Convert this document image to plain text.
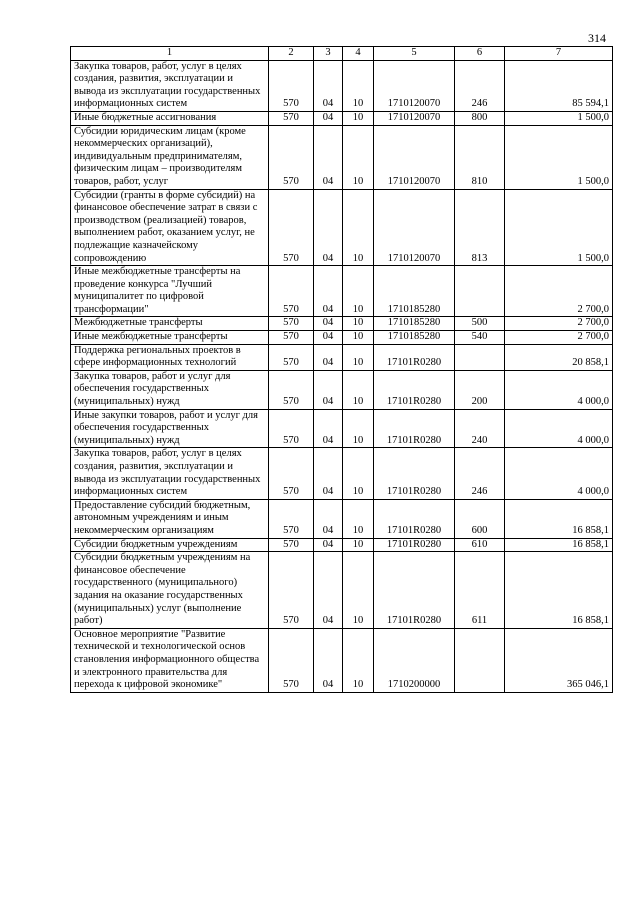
314
1	2	3	4	5	6	7
Закупка товаров, работ, услуг в целях создания, развития, эксплуатации и вывода из эксплуатации государственных информационных систем	570	04	10	1710120070	246	85 594,1
Иные бюджетные ассигнования	570	04	10	1710120070	800	1 500,0
Субсидии юридическим лицам (кроме некоммерческих организаций), индивидуальным предпринимателям, физическим лицам – производителям товаров, работ, услуг	570	04	10	1710120070	810	1 500,0
Субсидии (гранты в форме субсидий) на финансовое обеспечение затрат в связи с производством (реализацией) товаров, выполнением работ, оказанием услуг, не подлежащие казначейскому сопровождению	570	04	10	1710120070	813	1 500,0
Иные межбюджетные трансферты на проведение конкурса "Лучший муниципалитет по цифровой трансформации"	570	04	10	1710185280		2 700,0
Межбюджетные трансферты	570	04	10	1710185280	500	2 700,0
Иные межбюджетные трансферты	570	04	10	1710185280	540	2 700,0
Поддержка региональных проектов в сфере информационных технологий	570	04	10	17101R0280		20 858,1
Закупка товаров, работ и услуг для обеспечения государственных (муниципальных) нужд	570	04	10	17101R0280	200	4 000,0
Иные закупки товаров, работ и услуг для обеспечения государственных (муниципальных) нужд	570	04	10	17101R0280	240	4 000,0
Закупка товаров, работ, услуг в целях создания, развития, эксплуатации и вывода из эксплуатации государственных информационных систем	570	04	10	17101R0280	246	4 000,0
Предоставление субсидий бюджетным, автономным учреждениям и иным некоммерческим организациям	570	04	10	17101R0280	600	16 858,1
Субсидии бюджетным учреждениям	570	04	10	17101R0280	610	16 858,1
Субсидии бюджетным учреждениям на финансовое обеспечение государственного (муниципального) задания на оказание государственных (муниципальных) услуг (выполнение работ)	570	04	10	17101R0280	611	16 858,1
Основное мероприятие "Развитие технической и технологической основ становления информационного общества и электронного правительства для перехода к цифровой экономике"	570	04	10	1710200000		365 046,1
